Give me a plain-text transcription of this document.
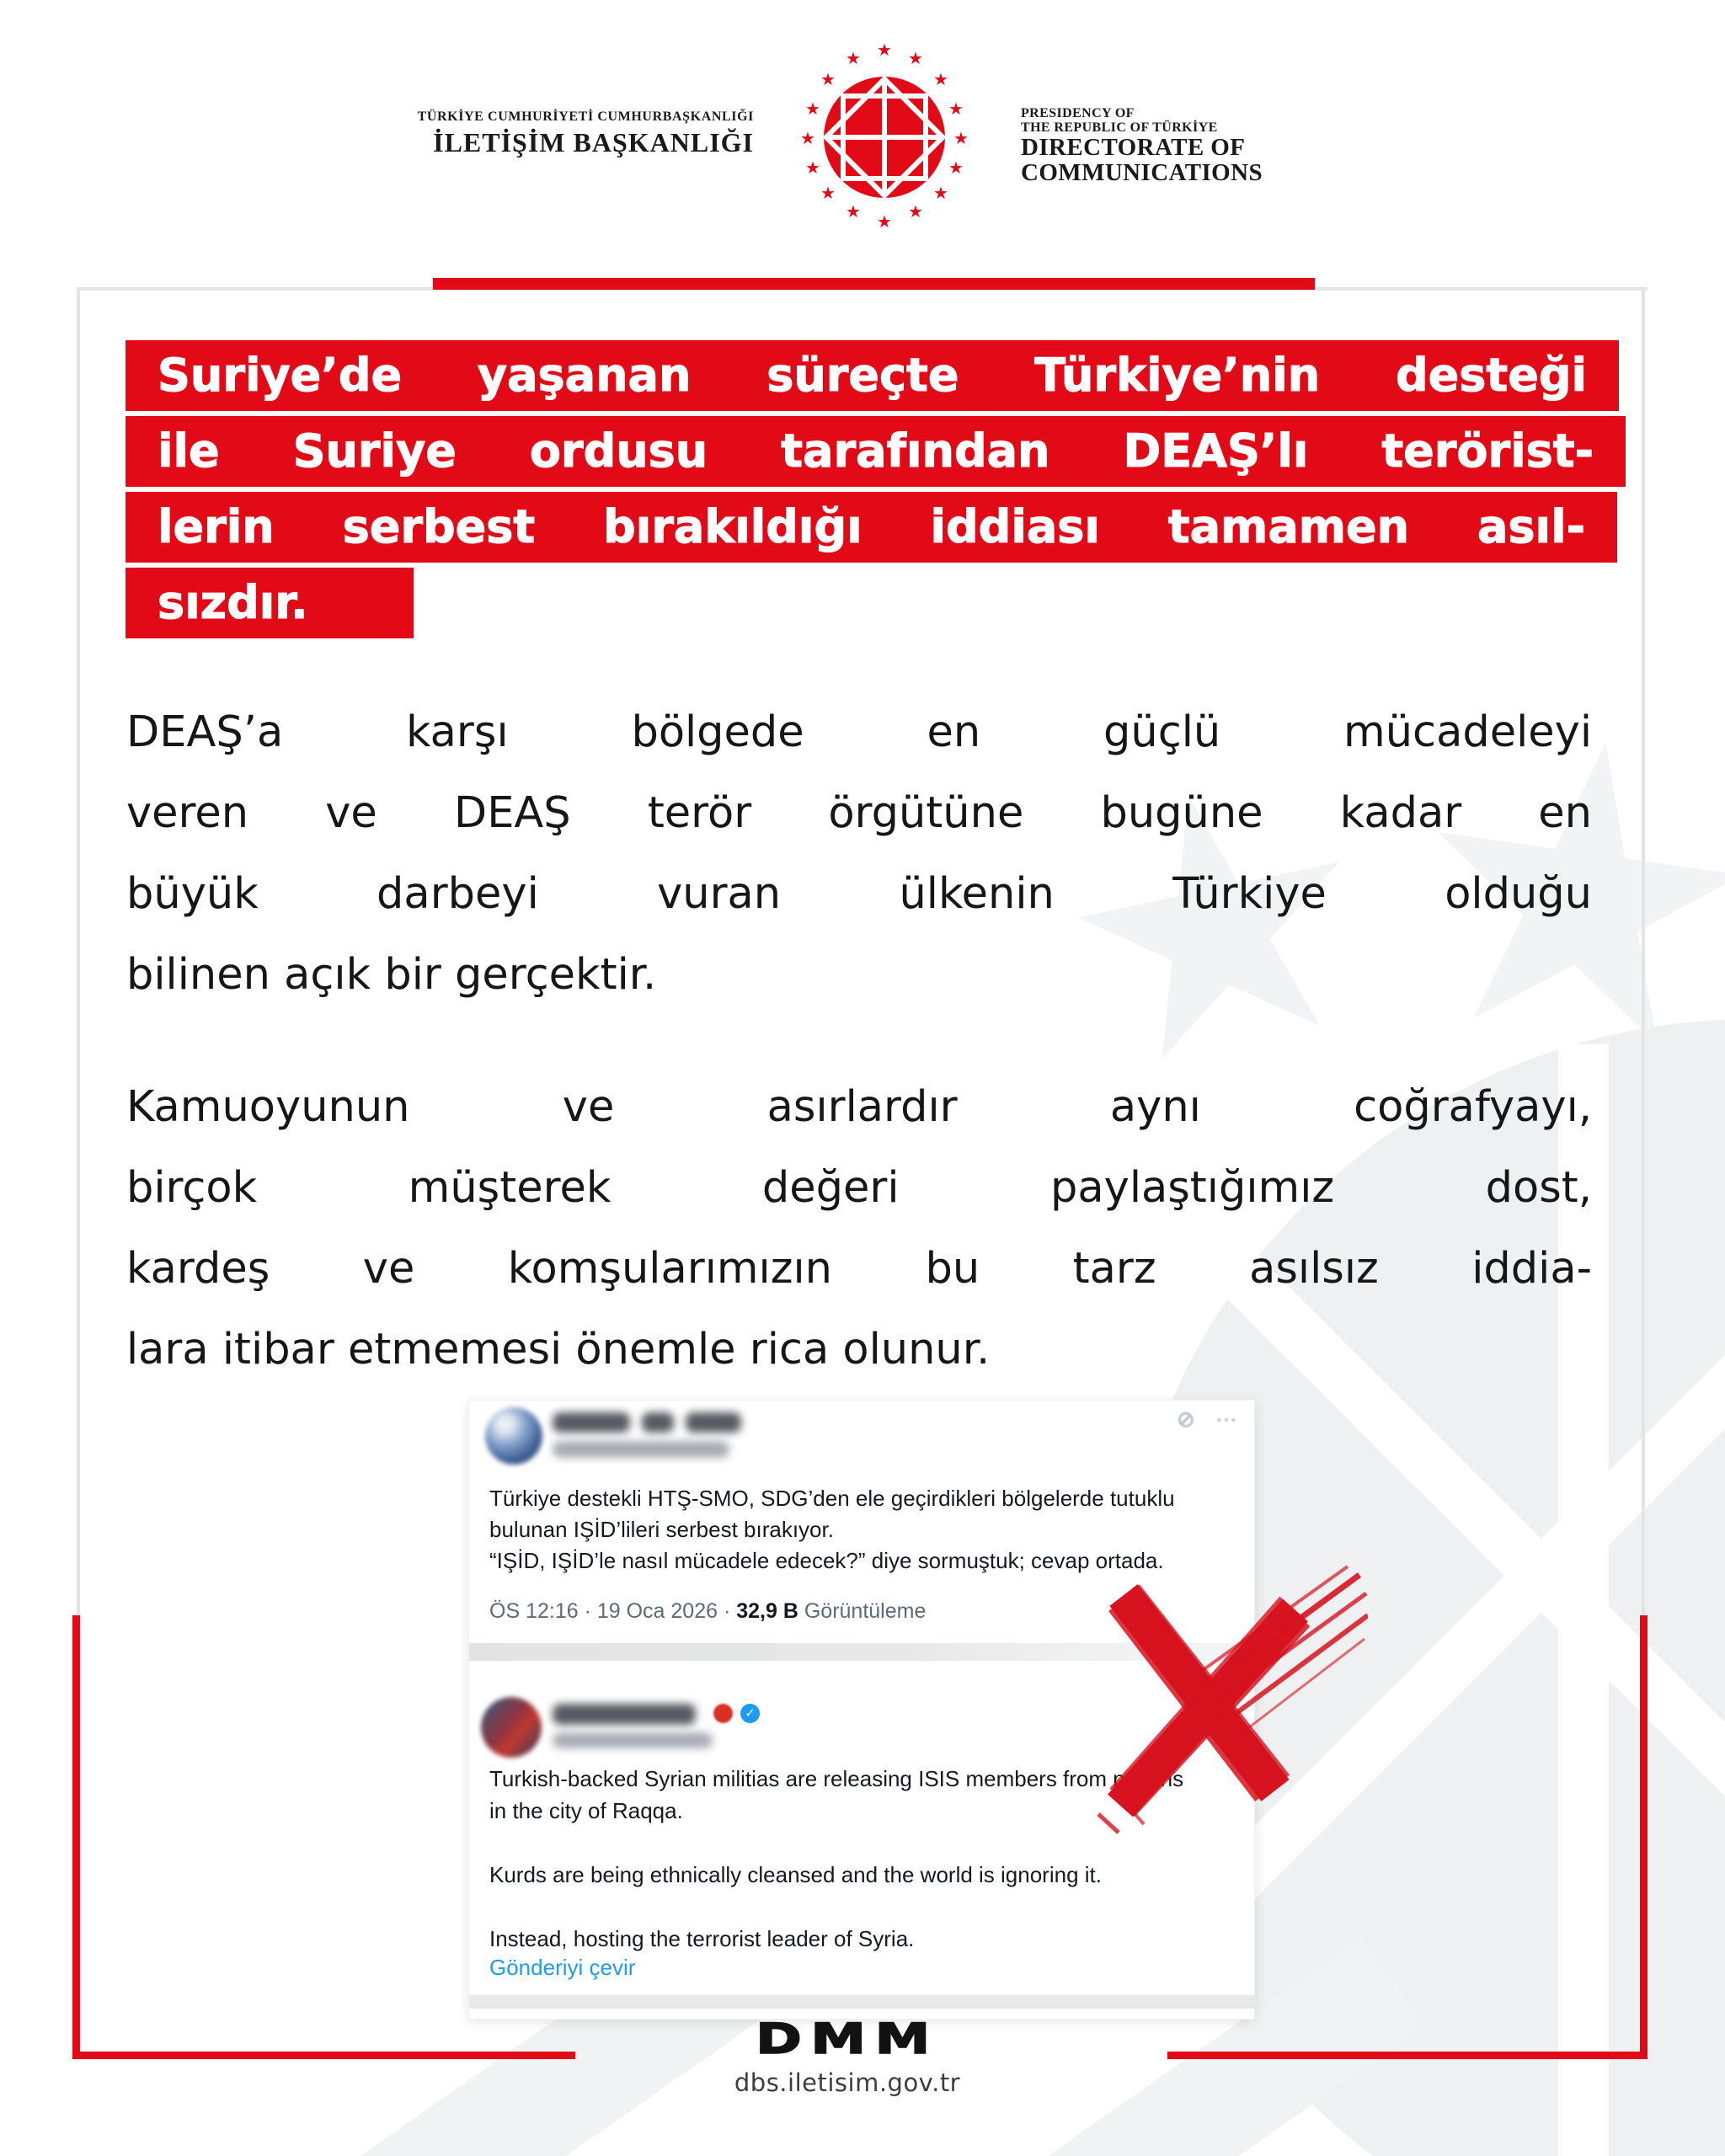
TÜRKİYE CUMHURİYETİ CUMHURBAŞKANLIĞI
İLETİŞİM BAŞKANLIĞI
★ ★
★
★
★
★
★
★
★
★
★
★
★
★
★
★
PRESIDENCY OF
THE REPUBLIC OF TÜRKİYE
DIRECTORATE OF
COMMUNICATIONS
Suriye’de yaşanan süreçte Türkiye’nin desteği
ile Suriye ordusu tarafından DEAŞ’lı terörist-
lerin serbest bırakıldığı iddiası tamamen asıl-
sızdır.
DEAŞ’a karşı bölgede en güçlü mücadeleyi
veren ve DEAŞ terör örgütüne bugüne kadar en
büyük darbeyi vuran ülkenin Türkiye olduğu
bilinen açık bir gerçektir.
Kamuoyunun ve asırlardır aynı coğrafyayı,
birçok müşterek değeri paylaştığımız dost,
kardeş ve komşularımızın bu tarz asılsız iddia-
lara itibar etmemesi önemle rica olunur.
⊘ ⋯
Türkiye destekli HTŞ-SMO, SDG’den ele geçirdikleri bölgelerde tutuklu
bulunan IŞİD’lileri serbest bırakıyor.
“IŞİD, IŞİD’le nasıl mücadele edecek?” diye sormuştuk; cevap ortada.
ÖS 12:16 · 19 Oca 2026 · 32,9 B Görüntüleme
✓
Turkish-backed Syrian militias are releasing ISIS members from prisons
in the city of Raqqa.

Kurds are being ethnically cleansed and the world is ignoring it.

Instead, hosting the terrorist leader of Syria.
Gönderiyi çevir
DMM
dbs.iletisim.gov.tr
